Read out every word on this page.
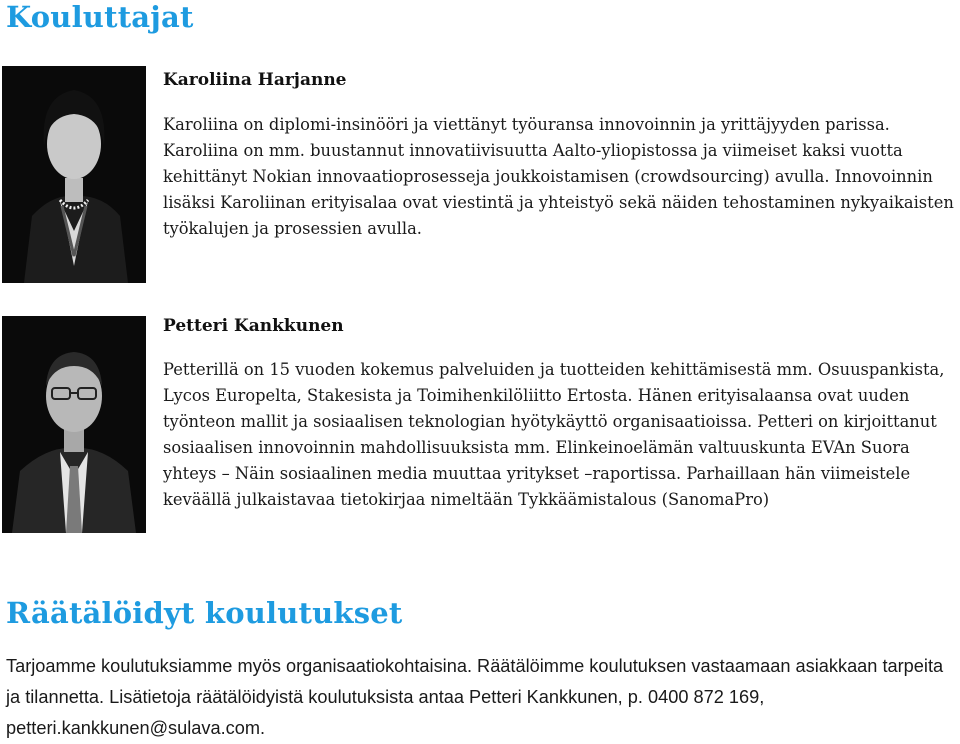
Kouluttajat

Karoliina Harjanne

Karoliina on diplomi-insinööri ja viettänyt työuransa innovoinnin ja yrittäjyyden parissa. Karoliina on mm. buustannut innovatiivisuutta Aalto-yliopistossa ja viimeiset kaksi vuotta kehittänyt Nokian innovaatioprosesseja joukkoistamisen (crowdsourcing) avulla. Innovoinnin lisäksi Karoliinan erityisalaa ovat viestintä ja yhteistyö sekä näiden tehostaminen nykyaikaisten työkalujen ja prosessien avulla.

Petteri Kankkunen

Petterillä on 15 vuoden kokemus palveluiden ja tuotteiden kehittämisestä mm. Osuuspankista, Lycos Europelta, Stakesista ja Toimihenkilöliitto Ertosta. Hänen erityisalaansa ovat uuden työnteon mallit ja sosiaalisen teknologian hyötykäyttö organisaatioissa. Petteri on kirjoittanut sosiaalisen innovoinnin mahdollisuuksista mm. Elinkeinoelämän valtuuskunta EVAn Suora yhteys – Näin sosiaalinen media muuttaa yritykset –raportissa. Parhaillaan hän viimeistele keväällä julkaistavaa tietokirjaa nimeltään Tykkäämistalous (SanomaPro)

Räätälöidyt koulutukset

Tarjoamme koulutuksiamme myös organisaatiokohtaisina. Räätälöimme koulutuksen vastaamaan asiakkaan tarpeita ja tilannetta. Lisätietoja räätälöidyistä koulutuksista antaa Petteri Kankkunen, p. 0400 872 169, petteri.kankkunen@sulava.com.
